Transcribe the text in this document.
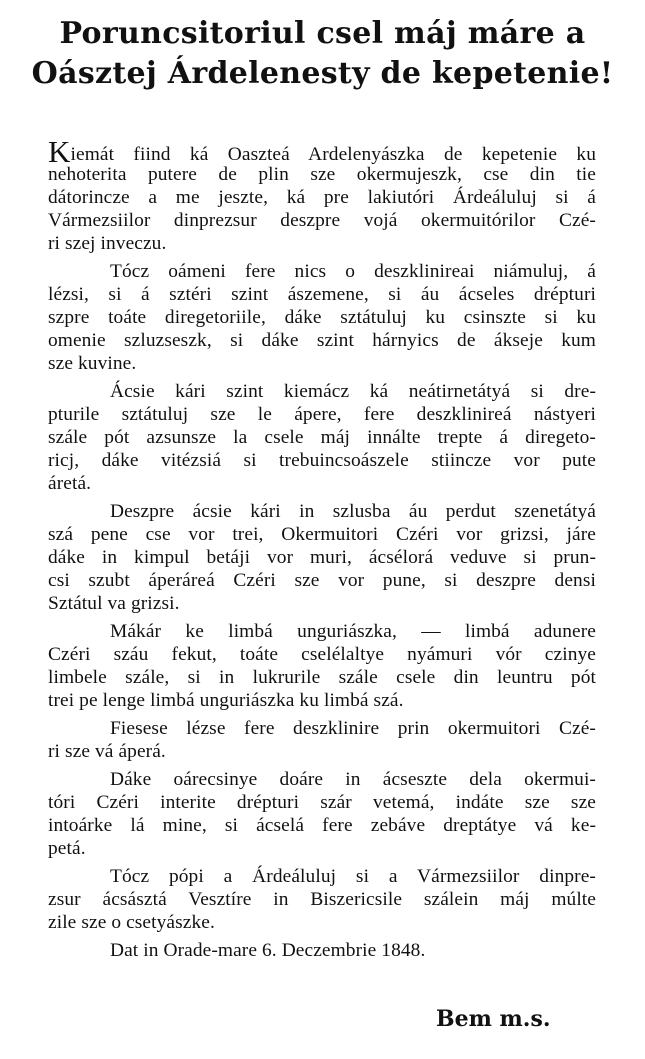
Poruncsitoriul csel máj máre a
Oásztej Árdelenesty de kepetenie!
Kiemát fiind ká Oaszteá Ardelenyászka de kepetenie ku
nehoterita putere de plin sze okermujeszk, cse din tie
dátorincze a me jeszte, ká pre lakiutóri Árdeáluluj si á
Vármezsiilor dinprezsur deszpre vojá okermuitórilor Czé-
ri szej inveczu.
Tócz oámeni fere nics o deszklinireai niámuluj, á
lézsi, si á sztéri szint ászemene, si áu ácseles drépturi
szpre toáte diregetoriile, dáke sztátuluj ku csinszte si ku
omenie szluzseszk, si dáke szint hárnyics de ákseje kum
sze kuvine.
Ácsie kári szint kiemácz ká neátirnetátyá si dre-
pturile sztátuluj sze le ápere, fere deszklinireá nástyeri
szále pót azsunsze la csele máj innálte trepte á diregeto-
ricj, dáke vitézsiá si trebuincsoászele stiincze vor pute
áretá.
Deszpre ácsie kári in szlusba áu perdut szenetátyá
szá pene cse vor trei, Okermuitori Czéri vor grizsi, járe
dáke in kimpul betáji vor muri, ácsélorá veduve si prun-
csi szubt áperáreá Czéri sze vor pune, si deszpre densi
Sztátul va grizsi.
Mákár ke limbá unguriászka, — limbá adunere
Czéri száu fekut, toáte cselélaltye nyámuri vór czinye
limbele szále, si in lukrurile szále csele din leuntru pót
trei pe lenge limbá unguriászka ku limbá szá.
Fiesese lézse fere deszklinire prin okermuitori Czé-
ri sze vá áperá.
Dáke oárecsinye doáre in ácseszte dela okermui-
tóri Czéri interite drépturi szár vetemá, indáte sze sze
intoárke lá mine, si ácselá fere zebáve dreptátye vá ke-
petá.
Tócz pópi a Árdeáluluj si a Vármezsiilor dinpre-
zsur ácsásztá Vesztíre in Biszericsile szálein máj múlte
zile sze o csetyászke.
Dat in Orade-mare 6. Deczembrie 1848.
Bem m.s.
